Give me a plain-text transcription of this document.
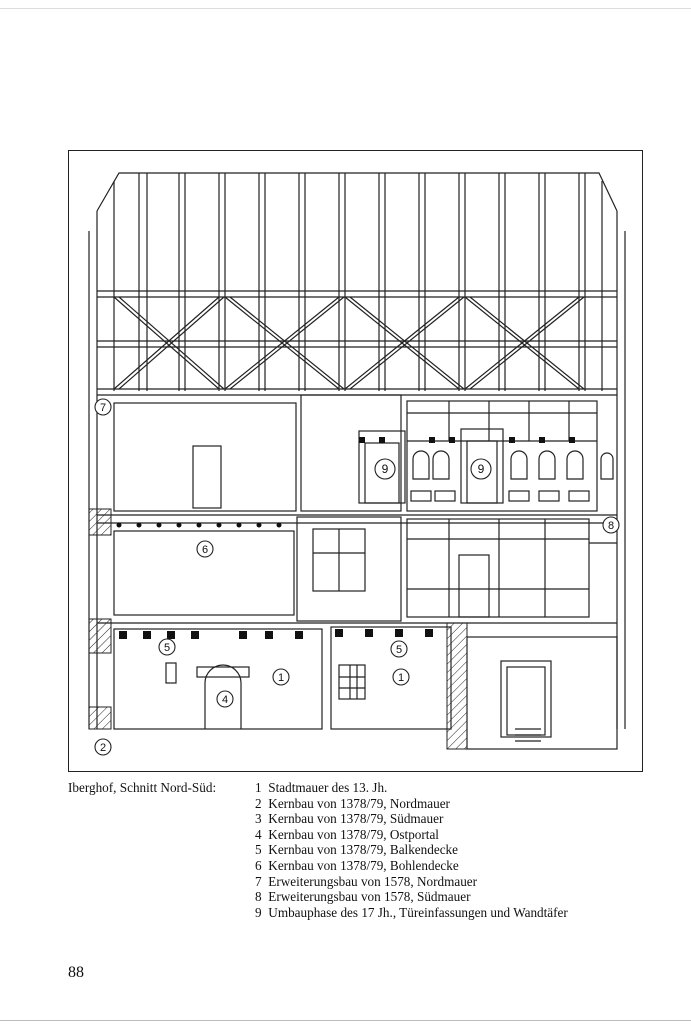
7
8
6
5	5
1	1
4
2
9	9
Iberghof, Schnitt Nord-Süd:	1 Stadtmauer des 13. Jh.
2 Kernbau von 1378/79, Nordmauer
3 Kernbau von 1378/79, Südmauer
4 Kernbau von 1378/79, Ostportal
5 Kernbau von 1378/79, Balkendecke
6 Kernbau von 1378/79, Bohlendecke
7 Erweiterungsbau von 1578, Nordmauer
8 Erweiterungsbau von 1578, Südmauer
9 Umbauphase des 17 Jh., Türeinfassungen und Wandtäfer
88
